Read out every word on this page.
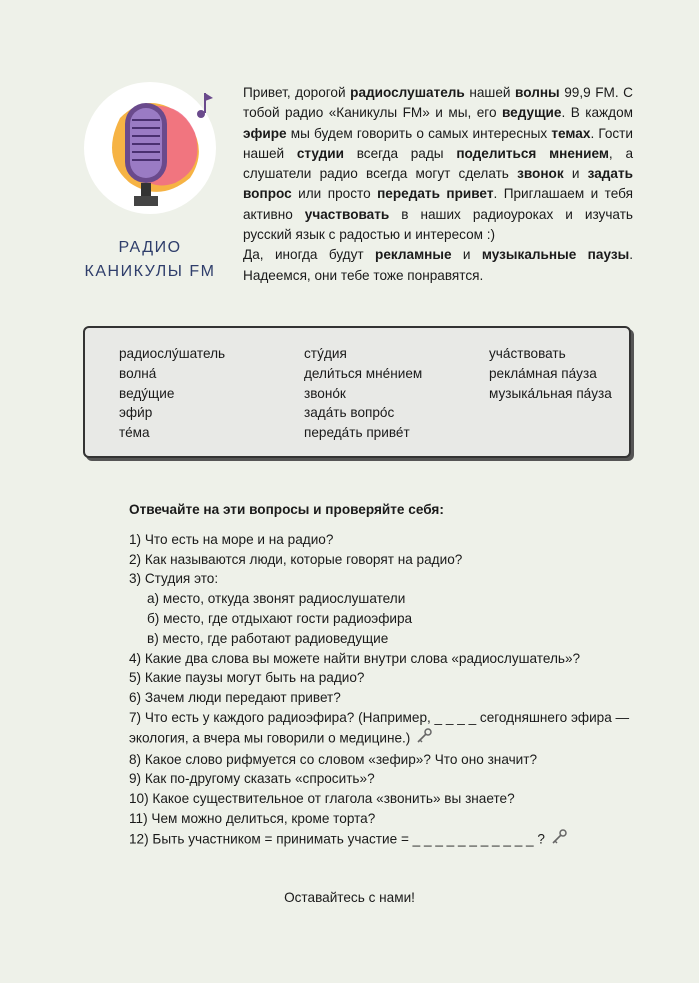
РАДИО
КАНИКУЛЫ FM

Привет, дорогой радиослушатель нашей волны 99,9 FM. С тобой радио «Каникулы FM» и мы, его ведущие. В каждом эфире мы будем говорить о самых интересных темах. Гости нашей студии всегда рады поделиться мнением, а слушатели радио всегда могут сделать звонок и задать вопрос или просто передать привет. Приглашаем и тебя активно участвовать в наших радиоуроках и изучать русский язык с радостью и интересом :)

Да, иногда будут рекламные и музыкальные паузы. Надеемся, они тебе тоже понравятся.

радиослу́шатель
волна́
веду́щие
эфи́р
те́ма
сту́дия
дели́ться мне́нием
звоно́к
зада́ть вопро́с
переда́ть приве́т
уча́ствовать
рекла́мная па́уза
музыка́льная па́уза
Отвечайте на эти вопросы и проверяйте себя:
1) Что есть на море и на радио?
2) Как называются люди, которые говорят на радио?
3) Студия это:
а) место, откуда звонят радиослушатели
б) место, где отдыхают гости радиоэфира
в) место, где работают радиоведущие
4) Какие два слова вы можете найти внутри слова «радиослушатель»?
5) Какие паузы могут быть на радио?
6) Зачем люди передают привет?
7) Что есть у каждого радиоэфира? (Например, _ _ _ _ сегодняшнего эфира —
экология, а вчера мы говорили о медицине.)
8) Какое слово рифмуется со словом «зефир»? Что оно значит?
9) Как по-другому сказать «спросить»?
10) Какое существительное от глагола «звонить» вы знаете?
11) Чем можно делиться, кроме торта?
12) Быть участником = принимать участие = _ _ _ _ _ _ _ _ _ _ _ ?
Оставайтесь с нами!
